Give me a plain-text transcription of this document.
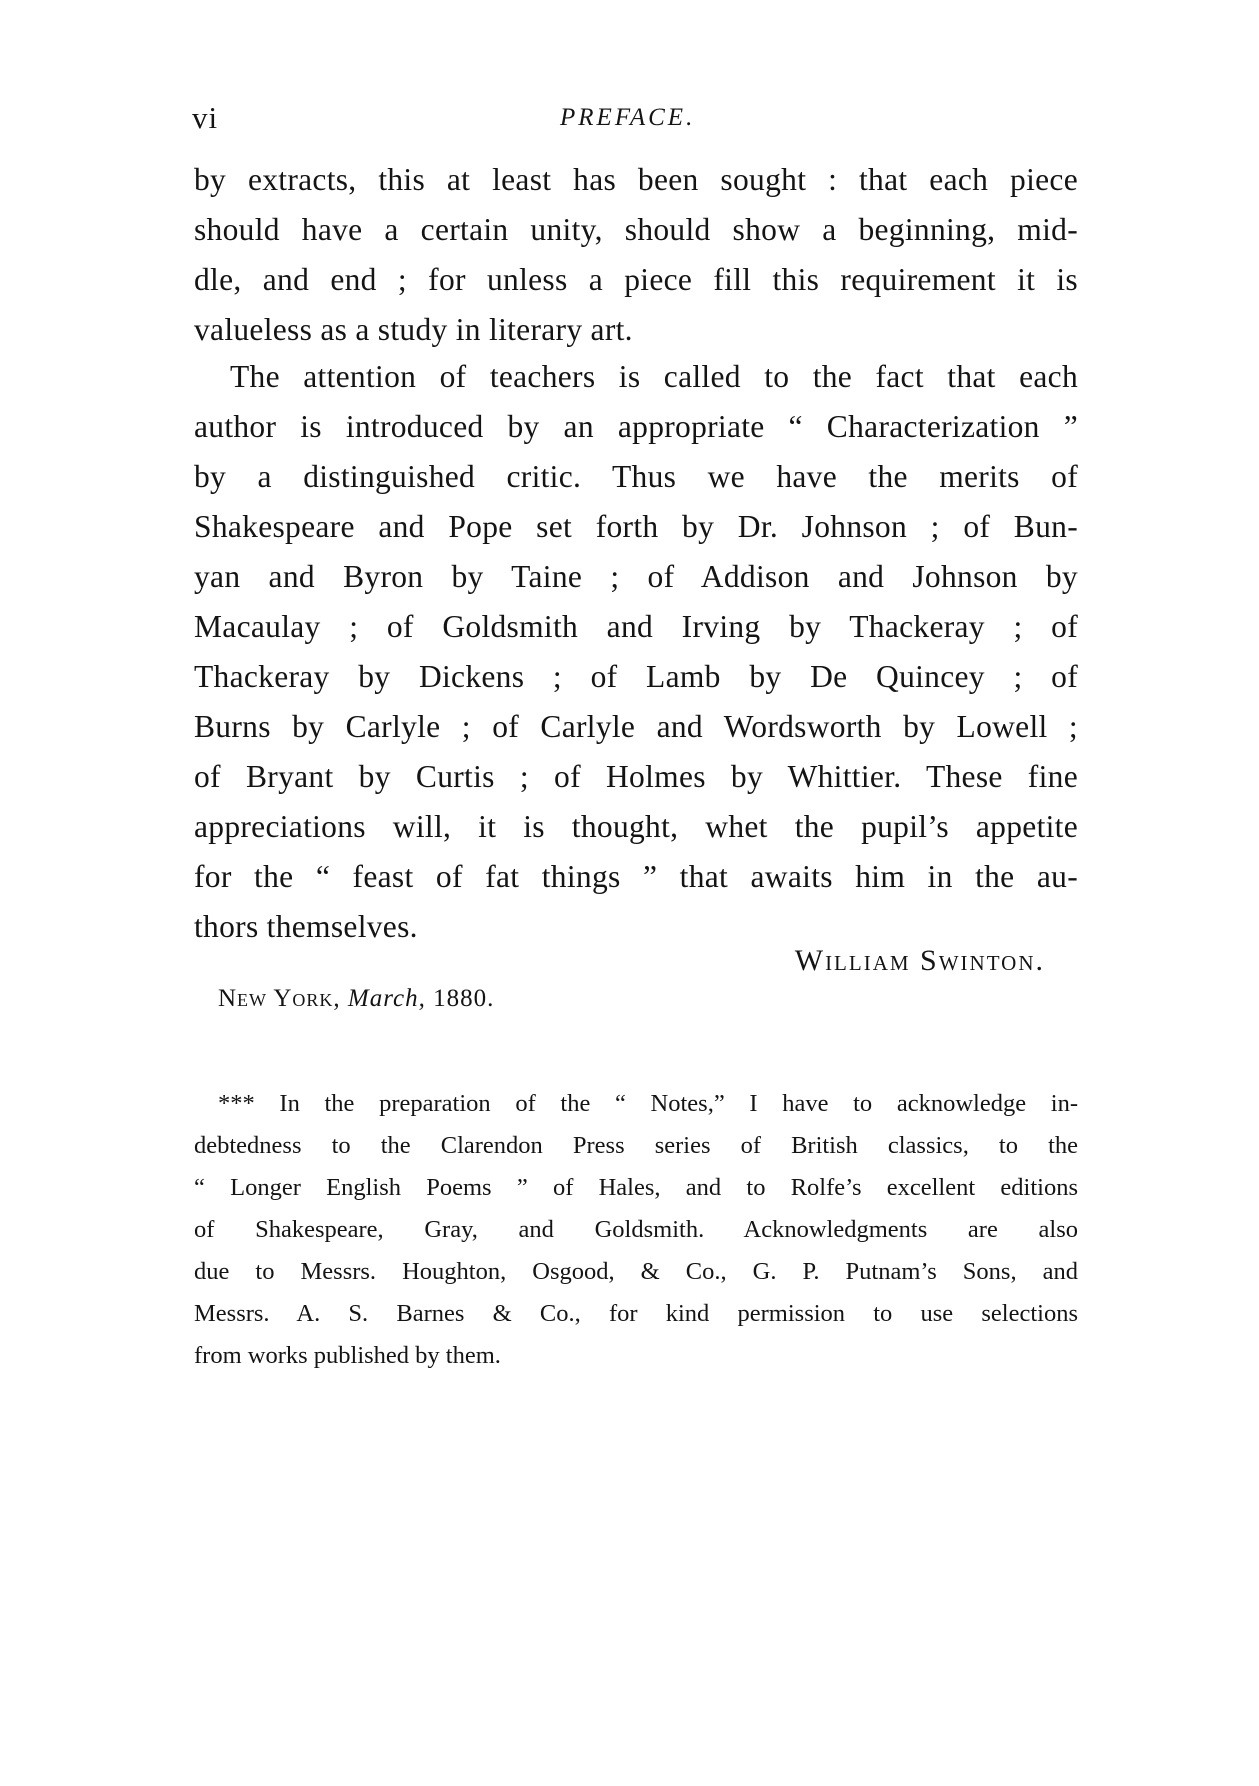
vi	PREFACE.
by extracts, this at least has been sought : that each piece
should have a certain unity, should show a beginning, mid-
dle, and end ; for unless a piece fill this requirement it is
valueless as a study in literary art.
The attention of teachers is called to the fact that each
author is introduced by an appropriate “ Characterization ”
by a distinguished critic. Thus we have the merits of
Shakespeare and Pope set forth by Dr. Johnson ; of Bun-
yan and Byron by Taine ; of Addison and Johnson by
Macaulay ; of Goldsmith and Irving by Thackeray ; of
Thackeray by Dickens ; of Lamb by De Quincey ; of
Burns by Carlyle ; of Carlyle and Wordsworth by Lowell ;
of Bryant by Curtis ; of Holmes by Whittier. These fine
appreciations will, it is thought, whet the pupil’s appetite
for the “ feast of fat things ” that awaits him in the au-
thors themselves.
William Swinton.
New York, March, 1880.
*** In the preparation of the “ Notes,” I have to acknowledge in-
debtedness to the Clarendon Press series of British classics, to the
“ Longer English Poems ” of Hales, and to Rolfe’s excellent editions
of Shakespeare, Gray, and Goldsmith. Acknowledgments are also
due to Messrs. Houghton, Osgood, & Co., G. P. Putnam’s Sons, and
Messrs. A. S. Barnes & Co., for kind permission to use selections
from works published by them.
